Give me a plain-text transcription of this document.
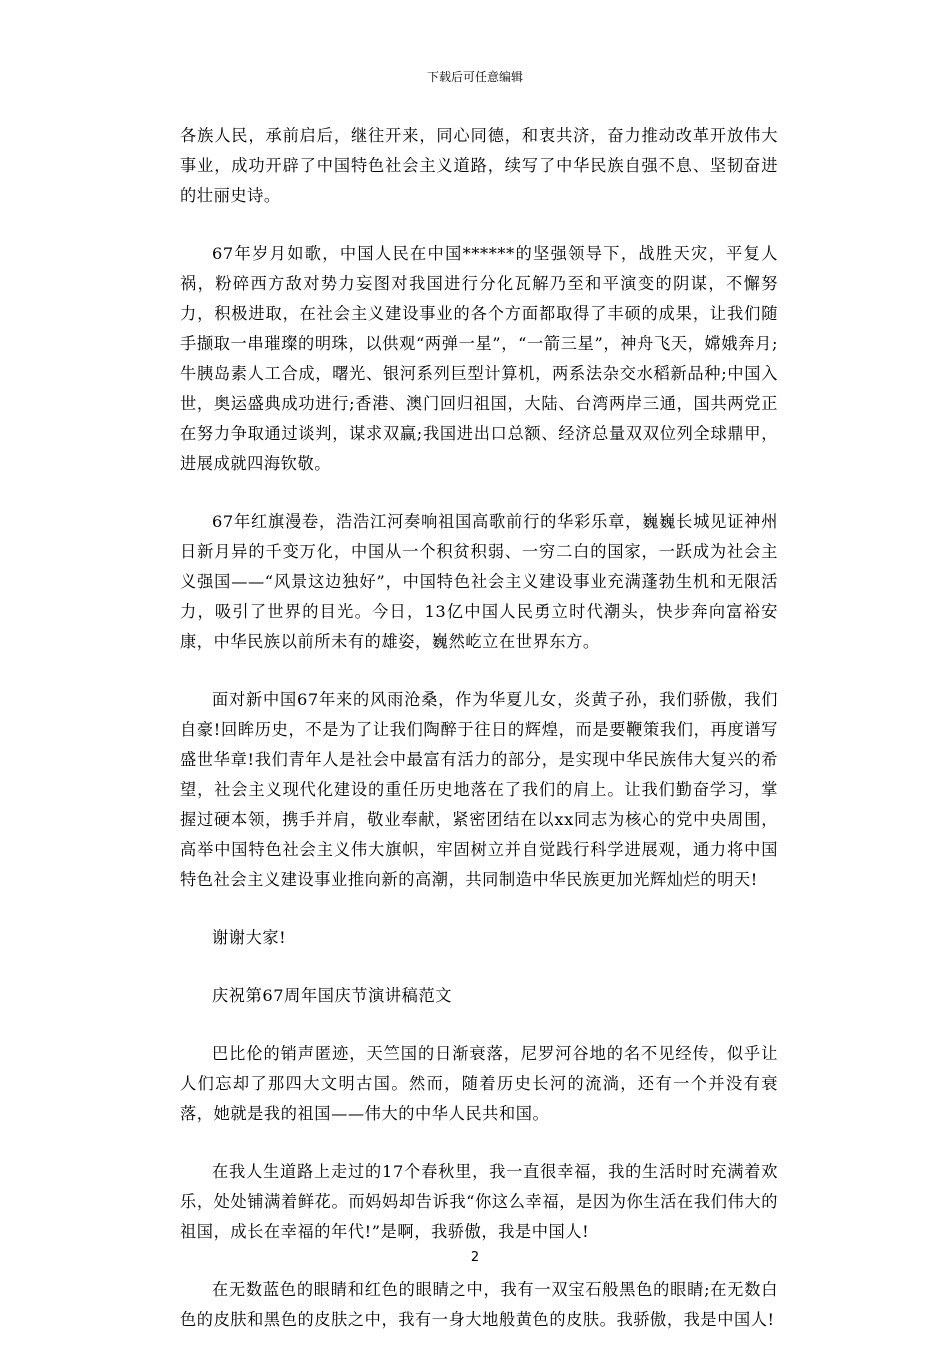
下载后可任意编辑

各族人民，承前启后，继往开来，同心同德，和衷共济，奋力推动改革开放伟大事业，成功开辟了中国特色社会主义道路，续写了中华民族自强不息、坚韧奋进的壮丽史诗。

67年岁月如歌，中国人民在中国******的坚强领导下，战胜天灾，平复人祸，粉碎西方敌对势力妄图对我国进行分化瓦解乃至和平演变的阴谋，不懈努力，积极进取，在社会主义建设事业的各个方面都取得了丰硕的成果，让我们随手撷取一串璀璨的明珠，以供观“两弹一星”，“一箭三星”，神舟飞天，嫦娥奔月;牛胰岛素人工合成，曙光、银河系列巨型计算机，两系法杂交水稻新品种;中国入世，奥运盛典成功进行;香港、澳门回归祖国，大陆、台湾两岸三通，国共两党正在努力争取通过谈判，谋求双赢;我国进出口总额、经济总量双双位列全球鼎甲，进展成就四海钦敬。

67年红旗漫卷，浩浩江河奏响祖国高歌前行的华彩乐章，巍巍长城见证神州日新月异的千变万化，中国从一个积贫积弱、一穷二白的国家，一跃成为社会主义强国——“风景这边独好”，中国特色社会主义建设事业充满蓬勃生机和无限活力，吸引了世界的目光。今日，13亿中国人民勇立时代潮头，快步奔向富裕安康，中华民族以前所未有的雄姿，巍然屹立在世界东方。

面对新中国67年来的风雨沧桑，作为华夏儿女，炎黄子孙，我们骄傲，我们自豪!回眸历史，不是为了让我们陶醉于往日的辉煌，而是要鞭策我们，再度谱写盛世华章!我们青年人是社会中最富有活力的部分，是实现中华民族伟大复兴的希望，社会主义现代化建设的重任历史地落在了我们的肩上。让我们勤奋学习，掌握过硬本领，携手并肩，敬业奉献，紧密团结在以xx同志为核心的党中央周围，高举中国特色社会主义伟大旗帜，牢固树立并自觉践行科学进展观，通力将中国特色社会主义建设事业推向新的高潮，共同制造中华民族更加光辉灿烂的明天!

谢谢大家!

庆祝第67周年国庆节演讲稿范文

巴比伦的销声匿迹，天竺国的日渐衰落，尼罗河谷地的名不见经传，似乎让人们忘却了那四大文明古国。然而，随着历史长河的流淌，还有一个并没有衰落，她就是我的祖国——伟大的中华人民共和国。

在我人生道路上走过的17个春秋里，我一直很幸福，我的生活时时充满着欢乐，处处铺满着鲜花。而妈妈却告诉我“你这么幸福，是因为你生活在我们伟大的祖国，成长在幸福的年代!”是啊，我骄傲，我是中国人!

在无数蓝色的眼睛和红色的眼睛之中，我有一双宝石般黑色的眼睛;在无数白色的皮肤和黑色的皮肤之中，我有一身大地般黄色的皮肤。我骄傲，我是中国人!

2
